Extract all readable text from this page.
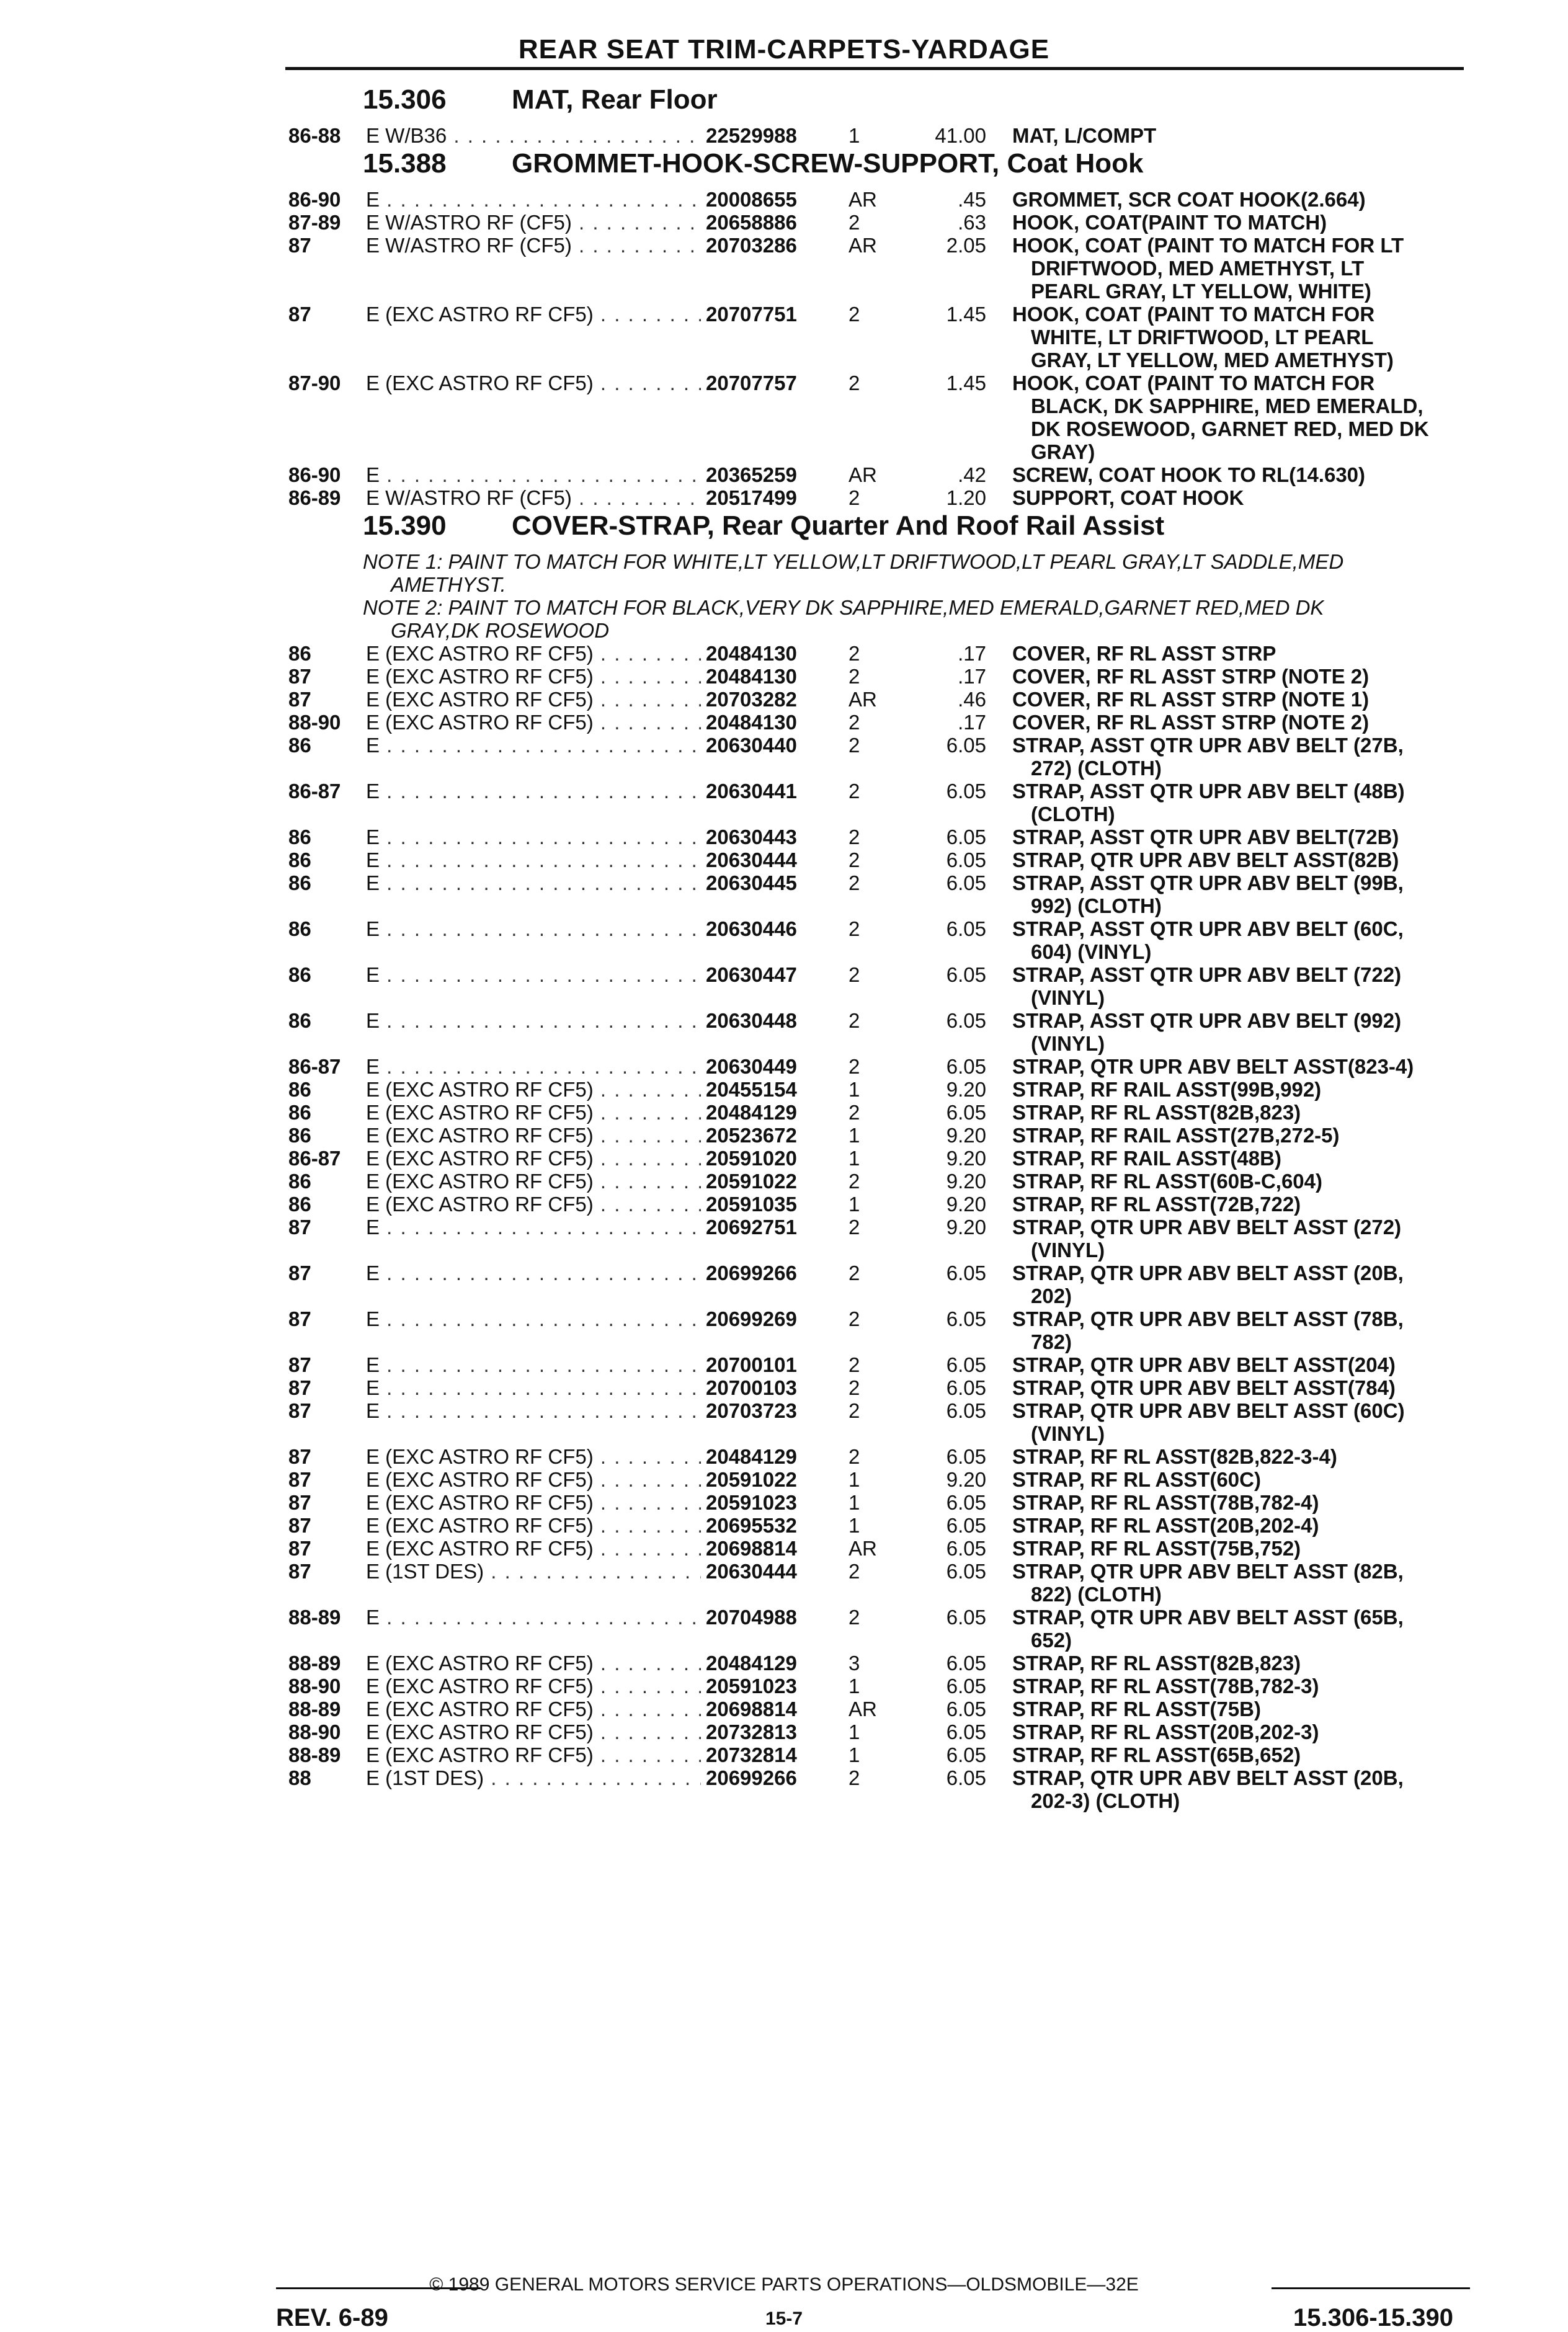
REAR SEAT TRIM-CARPETS-YARDAGE
15.306 MAT, Rear Floor
86-88 E W/B36 . . .	22529988	1	41.00 MAT, L/COMPT
15.388 GROMMET-HOOK-SCREW-SUPPORT, Coat Hook
86-90 E . . .	20008655	AR	.45 GROMMET, SCR COAT HOOK(2.664)
87-89 E W/ASTRO RF (CF5) . . .	20658886	2	.63 HOOK, COAT(PAINT TO MATCH)
87	E W/ASTRO RF (CF5) . . .	20703286	AR	2.05 HOOK, COAT (PAINT TO MATCH FOR LT
DRIFTWOOD, MED AMETHYST, LT
PEARL GRAY, LT YELLOW, WHITE)
87	E (EXC ASTRO RF CF5) . . .	20707751	2	1.45 HOOK, COAT (PAINT TO MATCH FOR
WHITE, LT DRIFTWOOD, LT PEARL
GRAY, LT YELLOW, MED AMETHYST)
87-90 E (EXC ASTRO RF CF5) . . .	20707757	2	1.45 HOOK, COAT (PAINT TO MATCH FOR
BLACK, DK SAPPHIRE, MED EMERALD,
DK ROSEWOOD, GARNET RED, MED DK
GRAY)
86-90 E . . .	20365259	AR	.42 SCREW, COAT HOOK TO RL(14.630)
86-89 E W/ASTRO RF (CF5) . . .	20517499	2	1.20 SUPPORT, COAT HOOK
15.390 COVER-STRAP, Rear Quarter And Roof Rail Assist
NOTE 1: PAINT TO MATCH FOR WHITE,LT YELLOW,LT DRIFTWOOD,LT PEARL GRAY,LT SADDLE,MED
AMETHYST.
NOTE 2: PAINT TO MATCH FOR BLACK,VERY DK SAPPHIRE,MED EMERALD,GARNET RED,MED DK
GRAY,DK ROSEWOOD
86	E (EXC ASTRO RF CF5) . . .	20484130	2	.17 COVER, RF RL ASST STRP
87	E (EXC ASTRO RF CF5) . . .	20484130	2	.17 COVER, RF RL ASST STRP (NOTE 2)
87	E (EXC ASTRO RF CF5) . . .	20703282	AR	.46 COVER, RF RL ASST STRP (NOTE 1)
88-90 E (EXC ASTRO RF CF5) . . .	20484130	2	.17 COVER, RF RL ASST STRP (NOTE 2)
86	E . . .	20630440	2	6.05 STRAP, ASST QTR UPR ABV BELT (27B,
272) (CLOTH)
86-87 E . . .	20630441	2	6.05 STRAP, ASST QTR UPR ABV BELT (48B)
(CLOTH)
86	E . . .	20630443	2	6.05 STRAP, ASST QTR UPR ABV BELT(72B)
86	E . . .	20630444	2	6.05 STRAP, QTR UPR ABV BELT ASST(82B)
86	E . . .	20630445	2	6.05 STRAP, ASST QTR UPR ABV BELT (99B,
992) (CLOTH)
86	E . . .	20630446	2	6.05 STRAP, ASST QTR UPR ABV BELT (60C,
604) (VINYL)
86	E . . .	20630447	2	6.05 STRAP, ASST QTR UPR ABV BELT (722)
(VINYL)
86	E . . .	20630448	2	6.05 STRAP, ASST QTR UPR ABV BELT (992)
(VINYL)
86-87 E . . .	20630449	2	6.05 STRAP, QTR UPR ABV BELT ASST(823-4)
86	E (EXC ASTRO RF CF5) . . .	20455154	1	9.20 STRAP, RF RAIL ASST(99B,992)
86	E (EXC ASTRO RF CF5) . . .	20484129	2	6.05 STRAP, RF RL ASST(82B,823)
86	E (EXC ASTRO RF CF5) . . .	20523672	1	9.20 STRAP, RF RAIL ASST(27B,272-5)
86-87 E (EXC ASTRO RF CF5) . . .	20591020	1	9.20 STRAP, RF RAIL ASST(48B)
86	E (EXC ASTRO RF CF5) . . .	20591022	2	9.20 STRAP, RF RL ASST(60B-C,604)
86	E (EXC ASTRO RF CF5) . . .	20591035	1	9.20 STRAP, RF RL ASST(72B,722)
87	E . . .	20692751	2	9.20 STRAP, QTR UPR ABV BELT ASST (272)
(VINYL)
87	E . . .	20699266	2	6.05 STRAP, QTR UPR ABV BELT ASST (20B,
202)
87	E . . .	20699269	2	6.05 STRAP, QTR UPR ABV BELT ASST (78B,
782)
87	E . . .	20700101	2	6.05 STRAP, QTR UPR ABV BELT ASST(204)
87	E . . .	20700103	2	6.05 STRAP, QTR UPR ABV BELT ASST(784)
87	E . . .	20703723	2	6.05 STRAP, QTR UPR ABV BELT ASST (60C)
(VINYL)
87	E (EXC ASTRO RF CF5) . . .	20484129	2	6.05 STRAP, RF RL ASST(82B,822-3-4)
87	E (EXC ASTRO RF CF5) . . .	20591022	1	9.20 STRAP, RF RL ASST(60C)
87	E (EXC ASTRO RF CF5) . . .	20591023	1	6.05 STRAP, RF RL ASST(78B,782-4)
87	E (EXC ASTRO RF CF5) . . .	20695532	1	6.05 STRAP, RF RL ASST(20B,202-4)
87	E (EXC ASTRO RF CF5) . . .	20698814	AR	6.05 STRAP, RF RL ASST(75B,752)
87	E (1ST DES) . . .	20630444	2	6.05 STRAP, QTR UPR ABV BELT ASST (82B,
822) (CLOTH)
88-89 E . . .	20704988	2	6.05 STRAP, QTR UPR ABV BELT ASST (65B,
652)
88-89 E (EXC ASTRO RF CF5) . . .	20484129	3	6.05 STRAP, RF RL ASST(82B,823)
88-90 E (EXC ASTRO RF CF5) . . .	20591023	1	6.05 STRAP, RF RL ASST(78B,782-3)
88-89 E (EXC ASTRO RF CF5) . . .	20698814	AR	6.05 STRAP, RF RL ASST(75B)
88-90 E (EXC ASTRO RF CF5) . . .	20732813	1	6.05 STRAP, RF RL ASST(20B,202-3)
88-89 E (EXC ASTRO RF CF5) . . .	20732814	1	6.05 STRAP, RF RL ASST(65B,652)
88	E (1ST DES) . . .	20699266	2	6.05 STRAP, QTR UPR ABV BELT ASST (20B,
202-3) (CLOTH)
© 1989 GENERAL MOTORS SERVICE PARTS OPERATIONS—OLDSMOBILE—32E
REV. 6-89	15-7	15.306-15.390
